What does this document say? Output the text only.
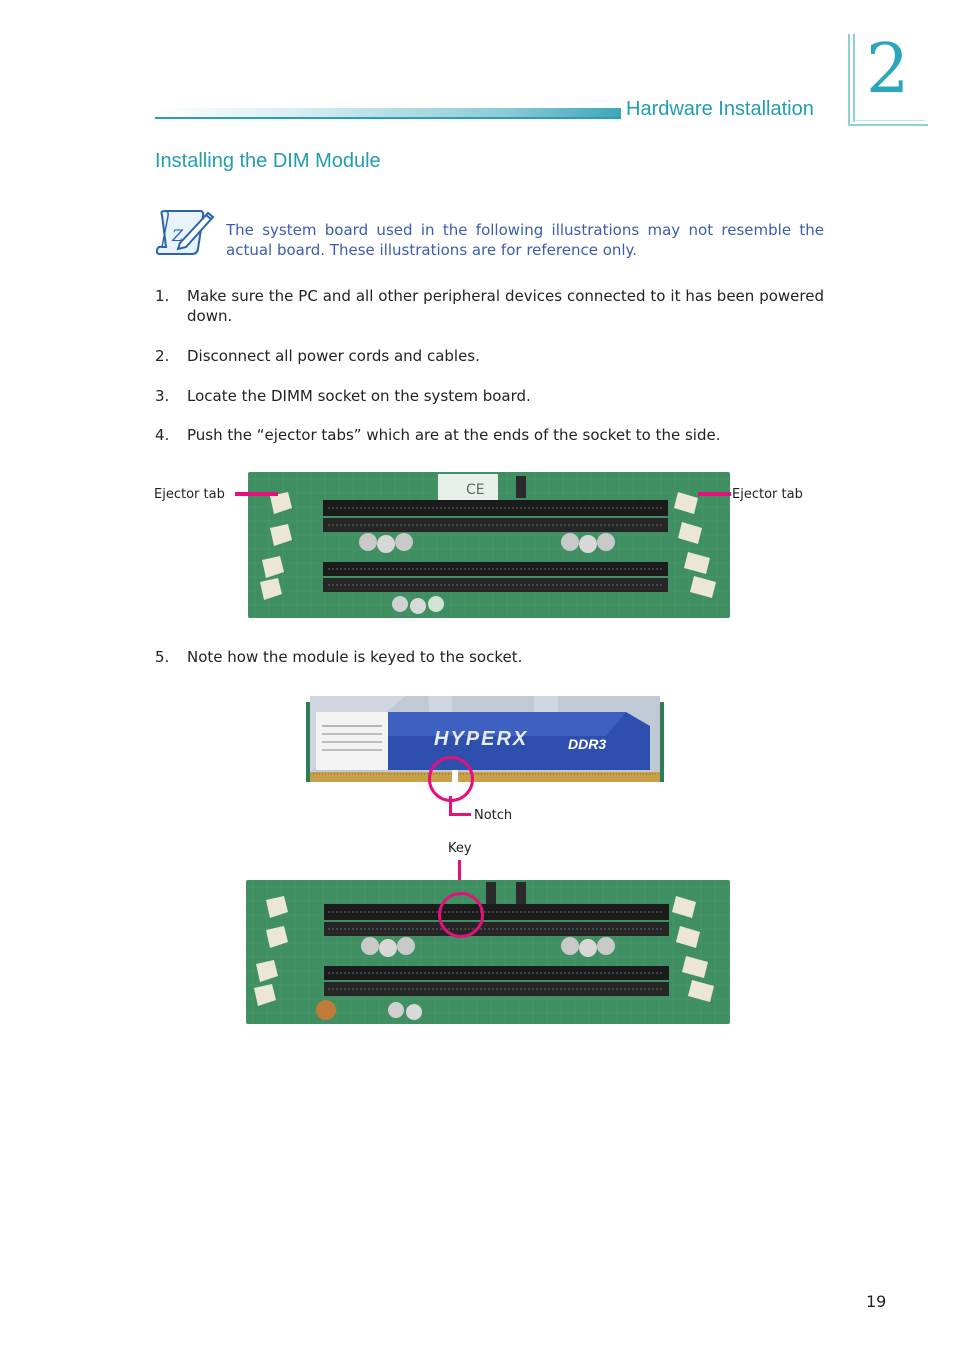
Hardware Installation 2
Installing the DIM Module
Z	The system board used in the following illustrations may not resemble the actual board. These illustrations are for reference only.
1. Make sure the PC and all other peripheral devices connected to it has been powered down.
2. Disconnect all power cords and cables.
3. Locate the DIMM socket on the system board.
4. Push the “ejector tabs” which are at the ends of the socket to the side.
CE
Ejector tab	Ejector tab
5. Note how the module is keyed to the socket.
HYPERX	DDR3
Notch
Key
19
